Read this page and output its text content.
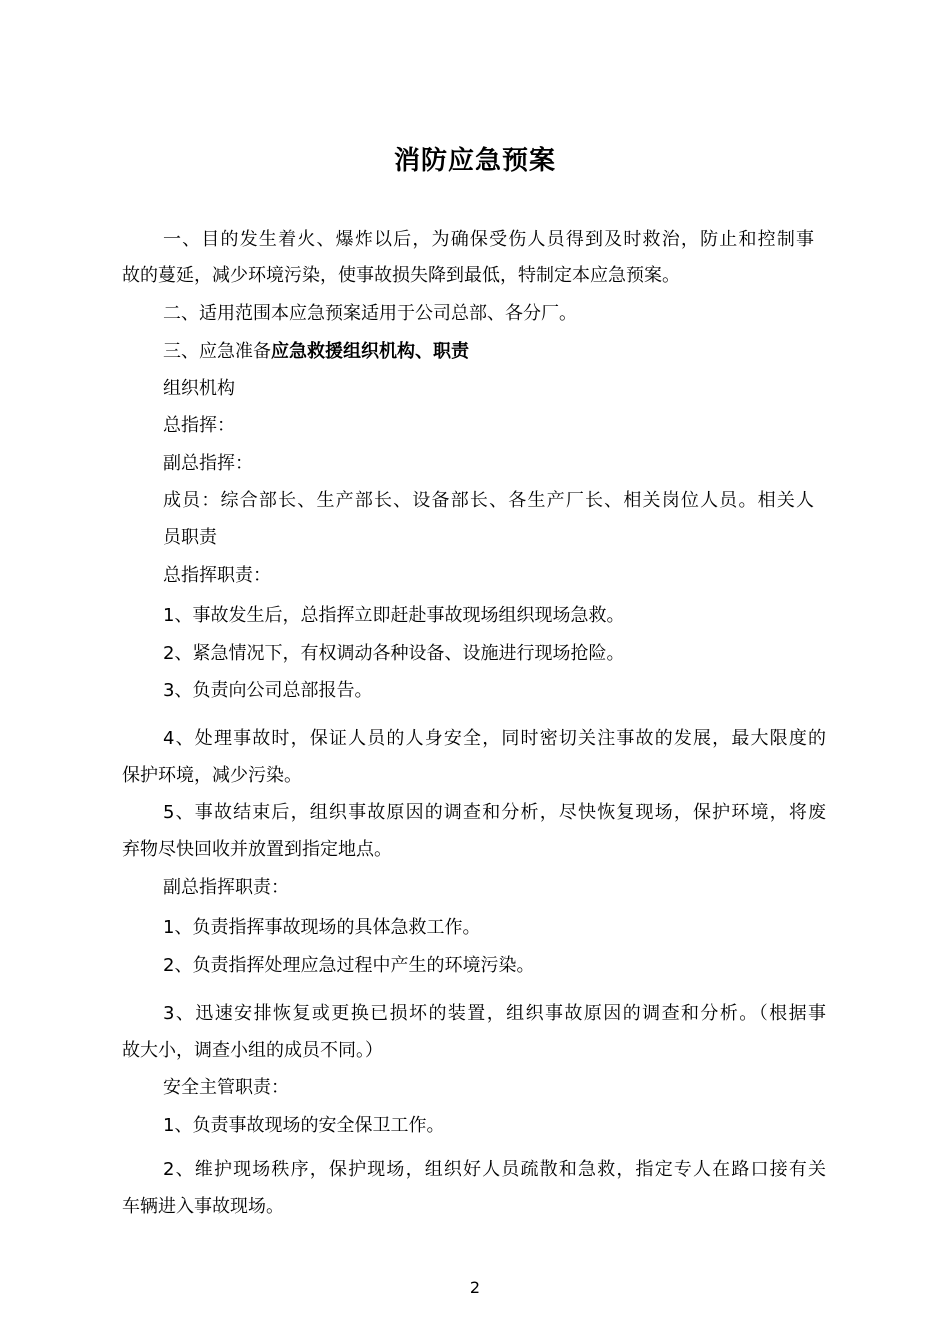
消防应急预案

一、目的发生着火、爆炸以后，为确保受伤人员得到及时救治，防止和控制事

故的蔓延，减少环境污染，使事故损失降到最低，特制定本应急预案。

二、适用范围本应急预案适用于公司总部、各分厂。

三、应急准备应急救援组织机构、职责

组织机构

总指挥：

副总指挥：

成员：综合部长、生产部长、设备部长、各生产厂长、相关岗位人员。相关人

员职责

总指挥职责：

1、事故发生后，总指挥立即赶赴事故现场组织现场急救。

2、紧急情况下，有权调动各种设备、设施进行现场抢险。

3、负责向公司总部报告。

4、处理事故时，保证人员的人身安全，同时密切关注事故的发展，最大限度的

保护环境，减少污染。

5、事故结束后，组织事故原因的调查和分析，尽快恢复现场，保护环境，将废

弃物尽快回收并放置到指定地点。

副总指挥职责：

1、负责指挥事故现场的具体急救工作。

2、负责指挥处理应急过程中产生的环境污染。

3、迅速安排恢复或更换已损坏的装置，组织事故原因的调查和分析。（根据事

故大小，调查小组的成员不同。）

安全主管职责：

1、负责事故现场的安全保卫工作。

2、维护现场秩序，保护现场，组织好人员疏散和急救，指定专人在路口接有关

车辆进入事故现场。

2
